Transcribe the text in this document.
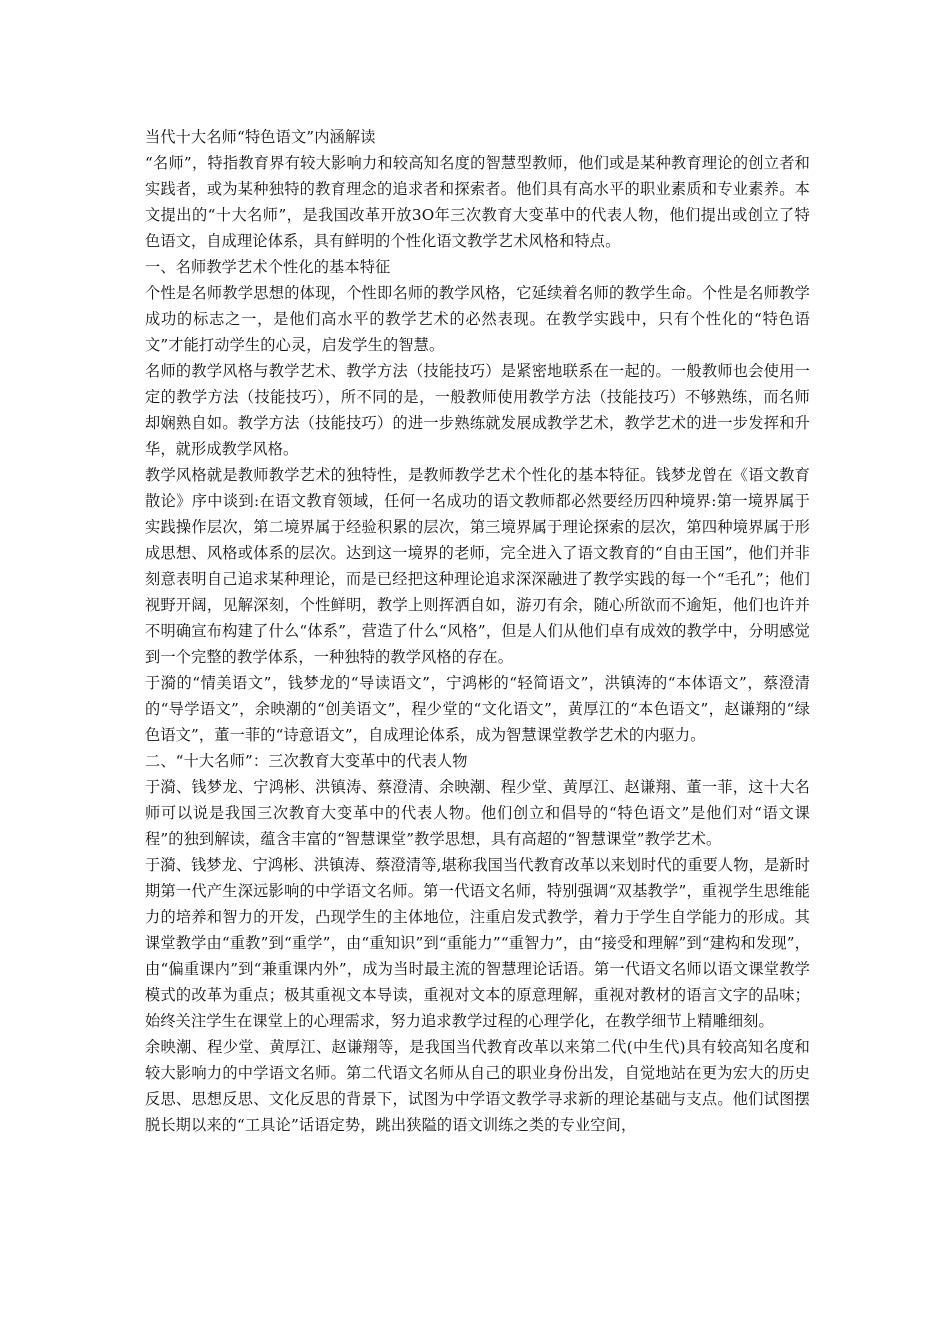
当代十大名师“特色语文”内涵解读

“名师”，特指教育界有较大影响力和较高知名度的智慧型教师，他们或是某种教育理论的创立者和实践者，或为某种独特的教育理念的追求者和探索者。他们具有高水平的职业素质和专业素养。本文提出的“十大名师”，是我国改革开放3O年三次教育大变革中的代表人物，他们提出或创立了特色语文，自成理论体系，具有鲜明的个性化语文教学艺术风格和特点。

一、名师教学艺术个性化的基本特征

个性是名师教学思想的体现，个性即名师的教学风格，它延续着名师的教学生命。个性是名师教学成功的标志之一，是他们高水平的教学艺术的必然表现。在教学实践中，只有个性化的“特色语文”才能打动学生的心灵，启发学生的智慧。

名师的教学风格与教学艺术、教学方法（技能技巧）是紧密地联系在一起的。一般教师也会使用一定的教学方法（技能技巧），所不同的是，一般教师使用教学方法（技能技巧）不够熟练，而名师却娴熟自如。教学方法（技能技巧）的进一步熟练就发展成教学艺术，教学艺术的进一步发挥和升华，就形成教学风格。

教学风格就是教师教学艺术的独特性，是教师教学艺术个性化的基本特征。钱梦龙曾在《语文教育散论》序中谈到:在语文教育领域，任何一名成功的语文教师都必然要经历四种境界:第一境界属于实践操作层次，第二境界属于经验积累的层次，第三境界属于理论探索的层次，第四种境界属于形成思想、风格或体系的层次。达到这一境界的老师，完全进入了语文教育的“自由王国”，他们并非刻意表明自己追求某种理论，而是已经把这种理论追求深深融进了教学实践的每一个“毛孔”；他们视野开阔，见解深刻，个性鲜明，教学上则挥洒自如，游刃有余，随心所欲而不逾矩，他们也许并不明确宣布构建了什么“体系”，营造了什么“风格”，但是人们从他们卓有成效的教学中，分明感觉到一个完整的教学体系，一种独特的教学风格的存在。

于漪的“情美语文”，钱梦龙的“导读语文”，宁鸿彬的“轻简语文”，洪镇涛的“本体语文”，蔡澄清的“导学语文”，余映潮的“创美语文”，程少堂的“文化语文”，黄厚江的“本色语文”，赵谦翔的“绿色语文”，董一菲的“诗意语文”，自成理论体系，成为智慧课堂教学艺术的内驱力。

二、“十大名师”：三次教育大变革中的代表人物

于漪、钱梦龙、宁鸿彬、洪镇涛、蔡澄清、余映潮、程少堂、黄厚江、赵谦翔、董一菲，这十大名师可以说是我国三次教育大变革中的代表人物。他们创立和倡导的“特色语文”是他们对“语文课程”的独到解读，蕴含丰富的“智慧课堂”教学思想，具有高超的“智慧课堂”教学艺术。

于漪、钱梦龙、宁鸿彬、洪镇涛、蔡澄清等,堪称我国当代教育改革以来划时代的重要人物，是新时期第一代产生深远影响的中学语文名师。第一代语文名师，特别强调“双基教学”，重视学生思维能力的培养和智力的开发，凸现学生的主体地位，注重启发式教学，着力于学生自学能力的形成。其课堂教学由“重教”到“重学”，由“重知识”到“重能力”“重智力”，由“接受和理解”到“建构和发现”，由“偏重课内”到“兼重课内外”，成为当时最主流的智慧理论话语。第一代语文名师以语文课堂教学模式的改革为重点；极其重视文本导读，重视对文本的原意理解，重视对教材的语言文字的品味；始终关注学生在课堂上的心理需求，努力追求教学过程的心理学化，在教学细节上精雕细刻。

余映潮、程少堂、黄厚江、赵谦翔等，是我国当代教育改革以来第二代(中生代)具有较高知名度和较大影响力的中学语文名师。第二代语文名师从自己的职业身份出发，自觉地站在更为宏大的历史反思、思想反思、文化反思的背景下，试图为中学语文教学寻求新的理论基础与支点。他们试图摆脱长期以来的“工具论”话语定势，跳出狭隘的语文训练之类的专业空间，
